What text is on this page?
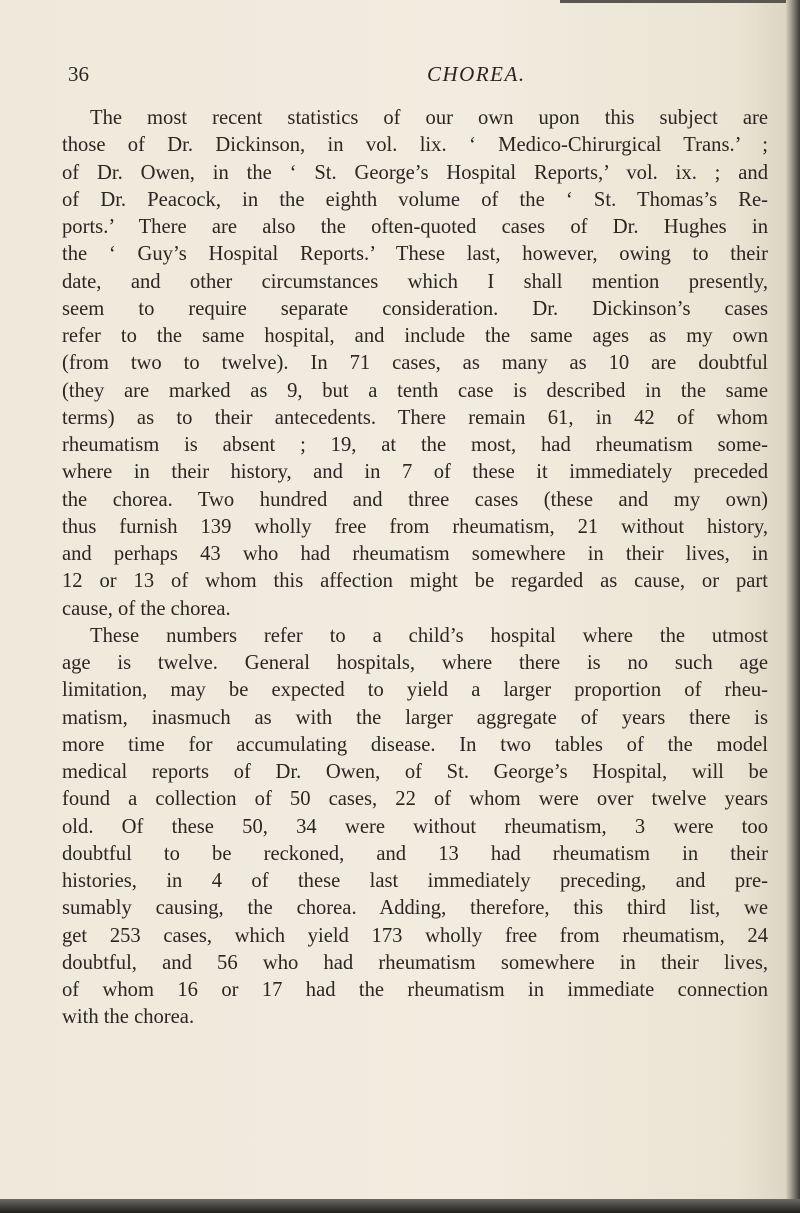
36	CHOREA.
The most recent statistics of our own upon this subject are
those of Dr. Dickinson, in vol. lix. ‘ Medico-Chirurgical Trans.’ ;
of Dr. Owen, in the ‘ St. George’s Hospital Reports,’ vol. ix. ; and
of Dr. Peacock, in the eighth volume of the ‘ St. Thomas’s Re-
ports.’ There are also the often-quoted cases of Dr. Hughes in
the ‘ Guy’s Hospital Reports.’ These last, however, owing to their
date, and other circumstances which I shall mention presently,
seem to require separate consideration. Dr. Dickinson’s cases
refer to the same hospital, and include the same ages as my own
(from two to twelve). In 71 cases, as many as 10 are doubtful
(they are marked as 9, but a tenth case is described in the same
terms) as to their antecedents. There remain 61, in 42 of whom
rheumatism is absent ; 19, at the most, had rheumatism some-
where in their history, and in 7 of these it immediately preceded
the chorea. Two hundred and three cases (these and my own)
thus furnish 139 wholly free from rheumatism, 21 without history,
and perhaps 43 who had rheumatism somewhere in their lives, in
12 or 13 of whom this affection might be regarded as cause, or part
cause, of the chorea.
These numbers refer to a child’s hospital where the utmost
age is twelve. General hospitals, where there is no such age
limitation, may be expected to yield a larger proportion of rheu-
matism, inasmuch as with the larger aggregate of years there is
more time for accumulating disease. In two tables of the model
medical reports of Dr. Owen, of St. George’s Hospital, will be
found a collection of 50 cases, 22 of whom were over twelve years
old. Of these 50, 34 were without rheumatism, 3 were too
doubtful to be reckoned, and 13 had rheumatism in their
histories, in 4 of these last immediately preceding, and pre-
sumably causing, the chorea. Adding, therefore, this third list, we
get 253 cases, which yield 173 wholly free from rheumatism, 24
doubtful, and 56 who had rheumatism somewhere in their lives,
of whom 16 or 17 had the rheumatism in immediate connection
with the chorea.
